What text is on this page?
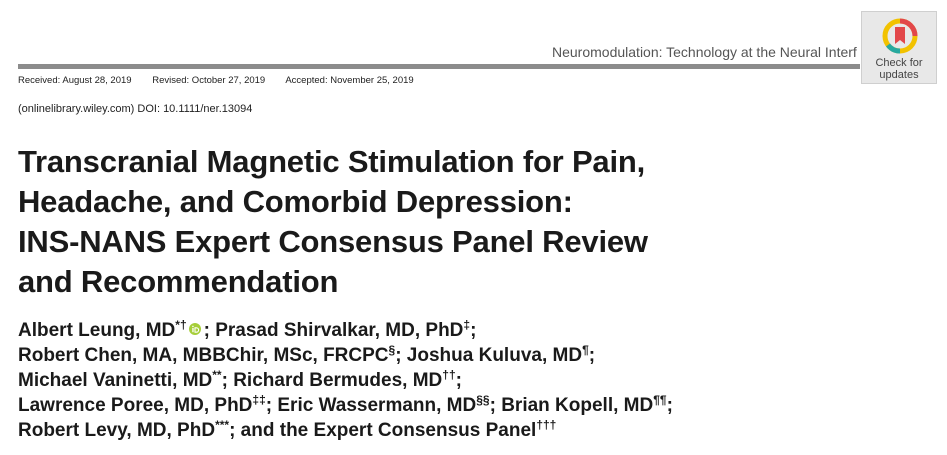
Neuromodulation: Technology at the Neural Interf
Received: August 28, 2019 Revised: October 27, 2019 Accepted: November 25, 2019
(onlinelibrary.wiley.com) DOI: 10.1111/ner.13094
Transcranial Magnetic Stimulation for Pain,
Headache, and Comorbid Depression:
INS-NANS Expert Consensus Panel Review
and Recommendation
Albert Leung, MD*† ; Prasad Shirvalkar, MD, PhD‡;
Robert Chen, MA, MBBChir, MSc, FRCPC§; Joshua Kuluva, MD¶;
Michael Vaninetti, MD**; Richard Bermudes, MD††;
Lawrence Poree, MD, PhD‡‡; Eric Wassermann, MD§§; Brian Kopell, MD¶¶;
Robert Levy, MD, PhD***; and the Expert Consensus Panel†††
Check for
updates
